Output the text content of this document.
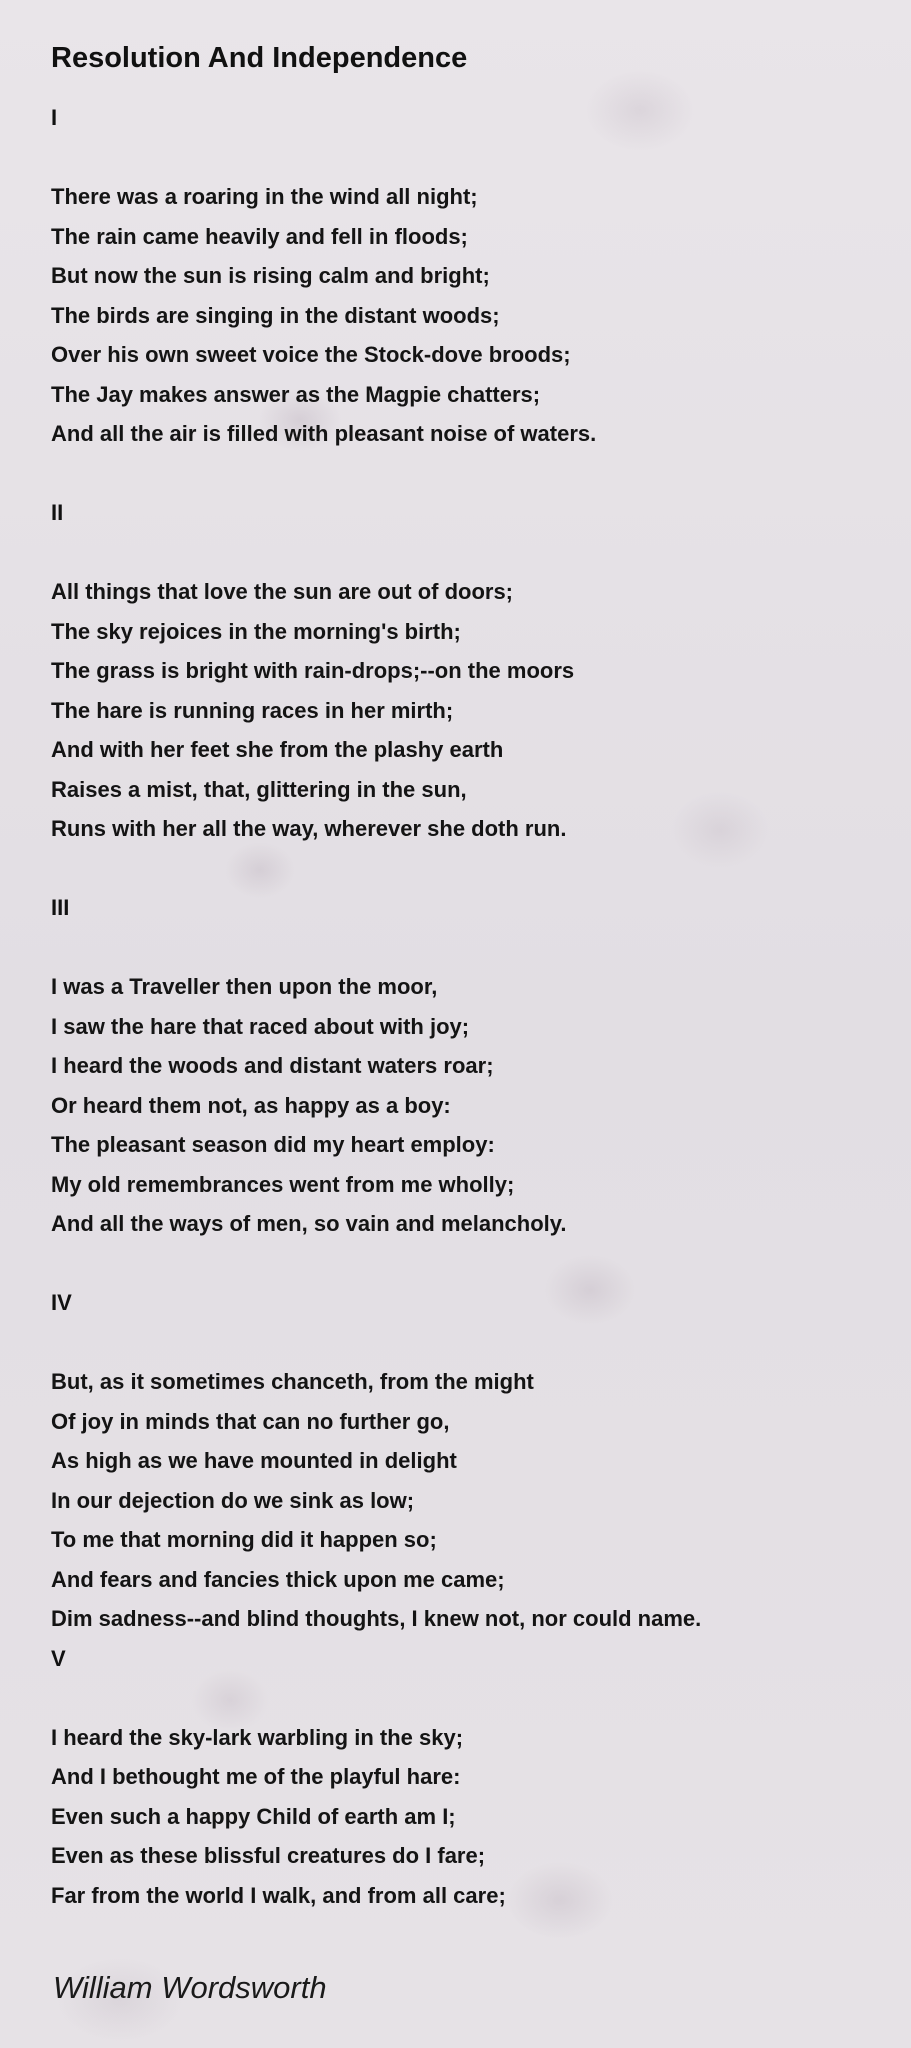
Resolution And Independence
I
There was a roaring in the wind all night;
The rain came heavily and fell in floods;
But now the sun is rising calm and bright;
The birds are singing in the distant woods;
Over his own sweet voice the Stock-dove broods;
The Jay makes answer as the Magpie chatters;
And all the air is filled with pleasant noise of waters.
II
All things that love the sun are out of doors;
The sky rejoices in the morning's birth;
The grass is bright with rain-drops;--on the moors
The hare is running races in her mirth;
And with her feet she from the plashy earth
Raises a mist, that, glittering in the sun,
Runs with her all the way, wherever she doth run.
III
I was a Traveller then upon the moor,
I saw the hare that raced about with joy;
I heard the woods and distant waters roar;
Or heard them not, as happy as a boy:
The pleasant season did my heart employ:
My old remembrances went from me wholly;
And all the ways of men, so vain and melancholy.
IV
But, as it sometimes chanceth, from the might
Of joy in minds that can no further go,
As high as we have mounted in delight
In our dejection do we sink as low;
To me that morning did it happen so;
And fears and fancies thick upon me came;
Dim sadness--and blind thoughts, I knew not, nor could name.
V
I heard the sky-lark warbling in the sky;
And I bethought me of the playful hare:
Even such a happy Child of earth am I;
Even as these blissful creatures do I fare;
Far from the world I walk, and from all care;
William Wordsworth
